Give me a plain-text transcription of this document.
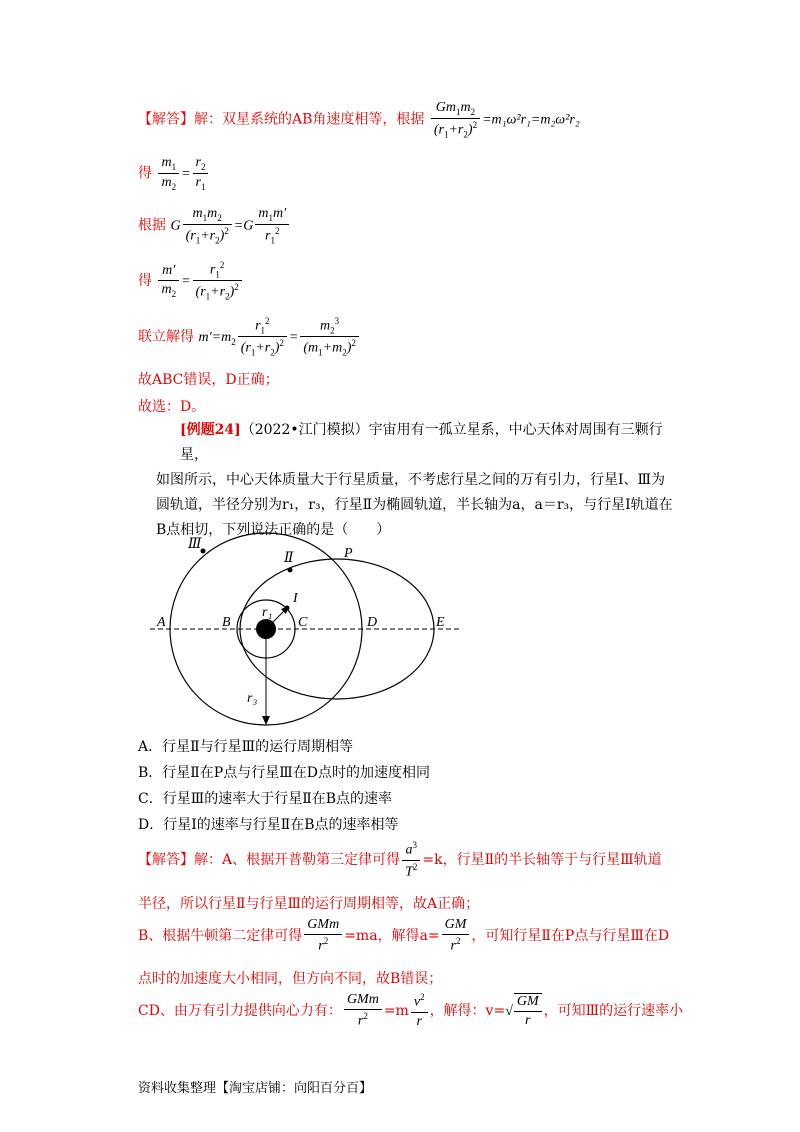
【解答】解：双星系统的AB角速度相等，根据 $\frac{Gm_1m_2}{(r_1+r_2)^2} =m_1\omega^2r_1=m_2\omega^2r_2$
得 $\frac{m_1}{m_2} = \frac{r_2}{r_1}$
根据 G $\frac{m_1m_2}{(r_1+r_2)^2} =G \frac{m_1m'}{r_1^2}$
得 $\frac{m'}{m_2} = \frac{r_1^2}{(r_1+r_2)^2}$
联立解得 $m'=m_2 \frac{r_1^2}{(r_1+r_2)^2} = \frac{m_2^3}{(m_1+m_2)^2}$
故ABC错误，D正确；
故选：D。
[例题24]（2022•江门模拟）宇宙用有一孤立星系，中心天体对周围有三颗行星，
如图所示，中心天体质量大于行星质量，不考虑行星之间的万有引力，行星Ⅰ、Ⅲ为
圆轨道，半径分别为r₁，r₃，行星Ⅱ为椭圆轨道，半长轴为a，a＝r₃，与行星Ⅰ轨道在
B点相切，下列说法正确的是（　　）
Ⅲ
Ⅱ	P
I
r₁
A	B	C	D	E
r₃
A．行星Ⅱ与行星Ⅲ的运行周期相等
B．行星Ⅱ在P点与行星Ⅲ在D点时的加速度相同
C．行星Ⅲ的速率大于行星Ⅱ在B点的速率
D．行星Ⅰ的速率与行星Ⅱ在B点的速率相等
【解答】解：A、根据开普勒第三定律可得 $\frac{a^3}{T^2} =k$，行星Ⅱ的半长轴等于与行星Ⅲ轨道
半径，所以行星Ⅱ与行星Ⅲ的运行周期相等，故A正确；
B、根据牛顿第二定律可得 $\frac{\text{GMm}}{r^2} =ma$，解得$a= \frac{GM}{r^2}$ ，可知行星Ⅱ在P点与行星Ⅲ在D
点时的加速度大小相同，但方向不同，故B错误；
CD、由万有引力提供向心力有： $\frac{\text{GMm}}{r^2} =m \frac{v^2}{r}$ ，解得：$v=√ \frac{GM}{r}$ ，可知Ⅲ的运行速率小
资料收集整理【淘宝店铺：向阳百分百】
